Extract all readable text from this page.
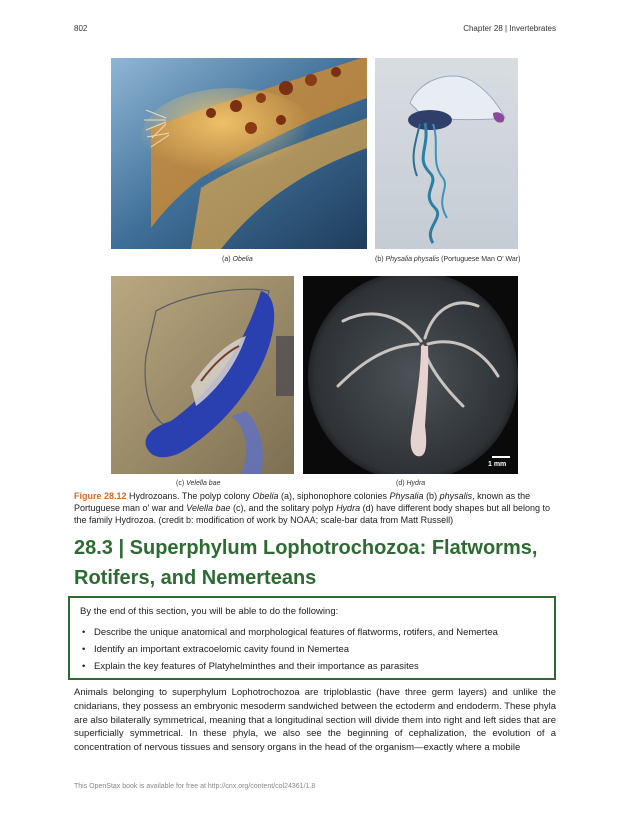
802	Chapter 28 | Invertebrates
(a) Obelia	(b) Physalia physalis (Portuguese Man O' War)
1 mm
(c) Velella bae	(d) Hydra
Figure 28.12 Hydrozoans. The polyp colony Obelia (a), siphonophore colonies Physalia (b) physalis, known as the Portuguese man o' war and Velella bae (c), and the solitary polyp Hydra (d) have different body shapes but all belong to the family Hydrozoa. (credit b: modification of work by NOAA; scale-bar data from Matt Russell)
28.3 | Superphylum Lophotrochozoa: Flatworms, Rotifers, and Nemerteans
By the end of this section, you will be able to do the following:
• Describe the unique anatomical and morphological features of flatworms, rotifers, and Nemertea
• Identify an important extracoelomic cavity found in Nemertea
• Explain the key features of Platyhelminthes and their importance as parasites
Animals belonging to superphylum Lophotrochozoa are triploblastic (have three germ layers) and unlike the cnidarians, they possess an embryonic mesoderm sandwiched between the ectoderm and endoderm. These phyla are also bilaterally symmetrical, meaning that a longitudinal section will divide them into right and left sides that are superficially symmetrical. In these phyla, we also see the beginning of cephalization, the evolution of a concentration of nervous tissues and sensory organs in the head of the organism—exactly where a mobile
This OpenStax book is available for free at http://cnx.org/content/col24361/1.8
